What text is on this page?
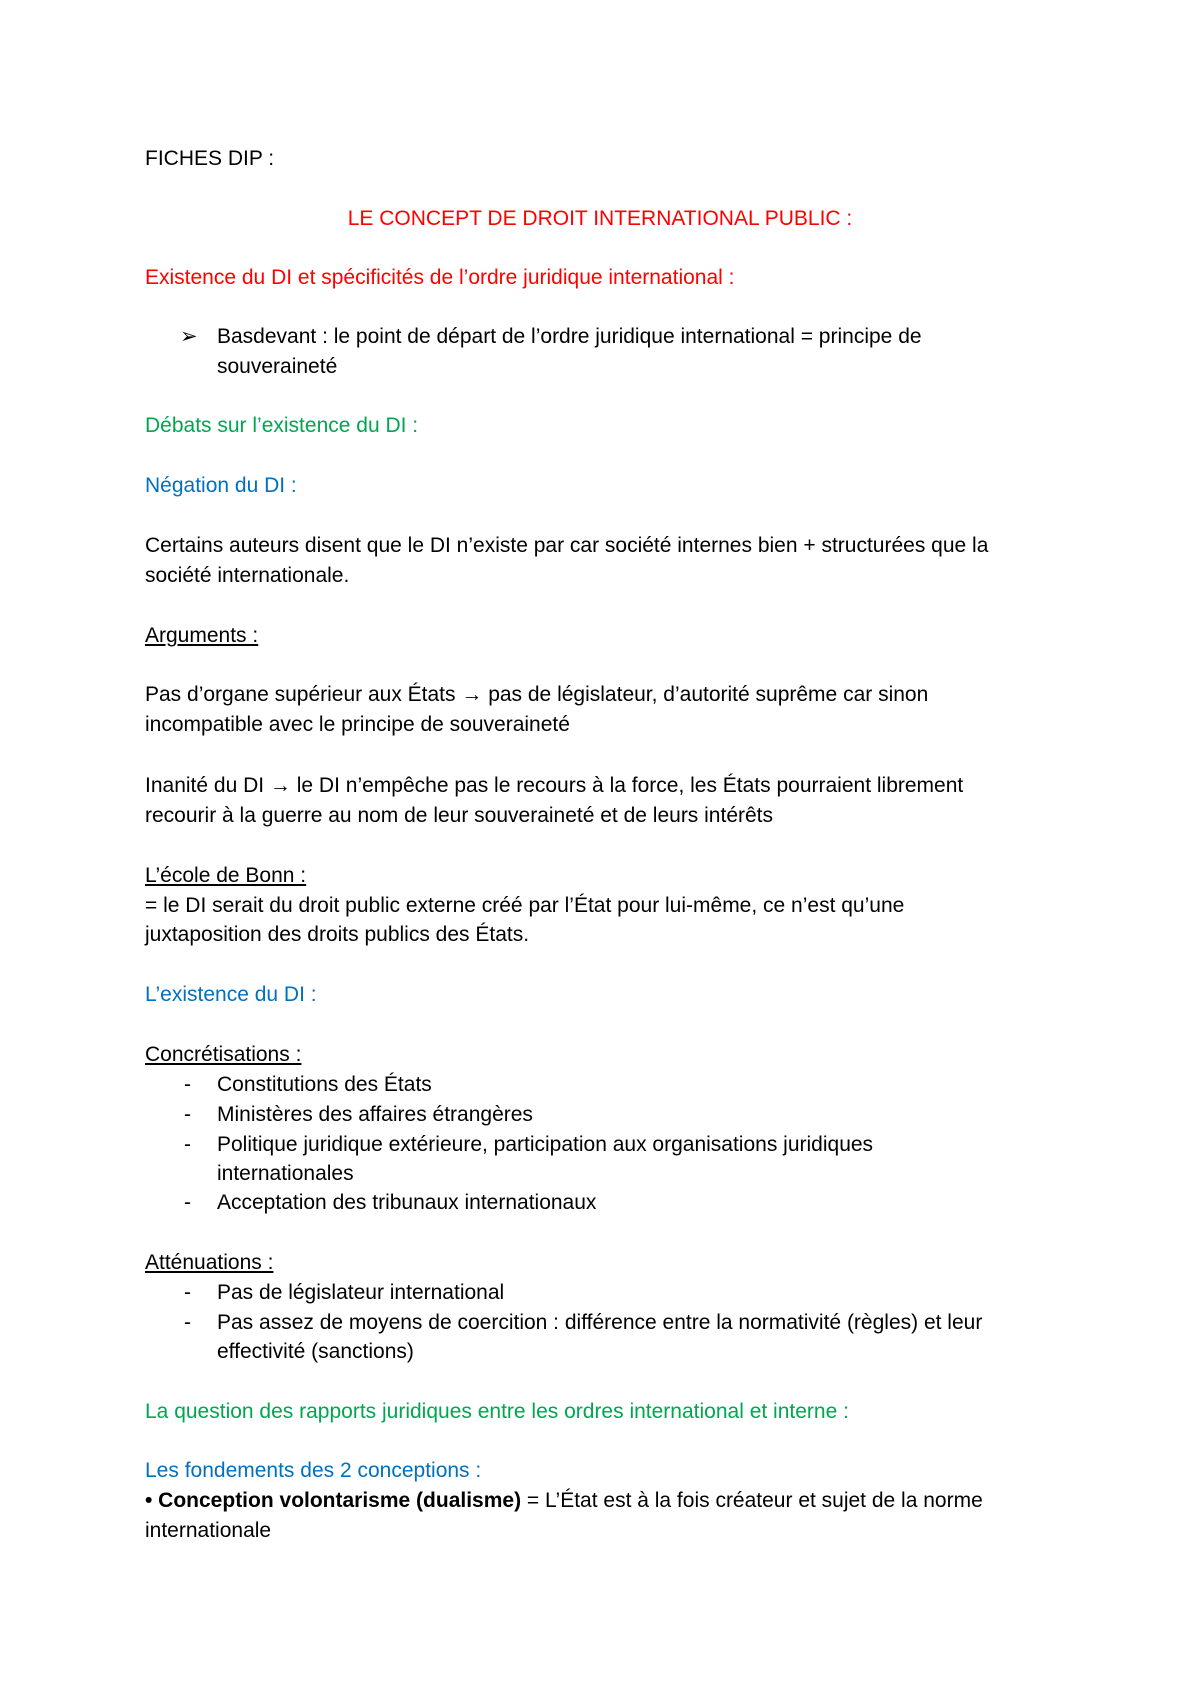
FICHES DIP :

LE CONCEPT DE DROIT INTERNATIONAL PUBLIC :

Existence du DI et spécificités de l’ordre juridique international :

➢ Basdevant : le point de départ de l’ordre juridique international = principe de

souveraineté

Débats sur l’existence du DI :

Négation du DI :

Certains auteurs disent que le DI n’existe par car société internes bien + structurées que la

société internationale.

Arguments :

Pas d’organe supérieur aux États → pas de législateur, d’autorité suprême car sinon

incompatible avec le principe de souveraineté

Inanité du DI → le DI n’empêche pas le recours à la force, les États pourraient librement

recourir à la guerre au nom de leur souveraineté et de leurs intérêts

L’école de Bonn :

= le DI serait du droit public externe créé par l’État pour lui-même, ce n’est qu’une

juxtaposition des droits publics des États.

L’existence du DI :

Concrétisations :

- Constitutions des États

- Ministères des affaires étrangères

- Politique juridique extérieure, participation aux organisations juridiques

internationales

- Acceptation des tribunaux internationaux

Atténuations :

- Pas de législateur international

- Pas assez de moyens de coercition : différence entre la normativité (règles) et leur

effectivité (sanctions)

La question des rapports juridiques entre les ordres international et interne :

Les fondements des 2 conceptions :

• Conception volontarisme (dualisme) = L’État est à la fois créateur et sujet de la norme

internationale
